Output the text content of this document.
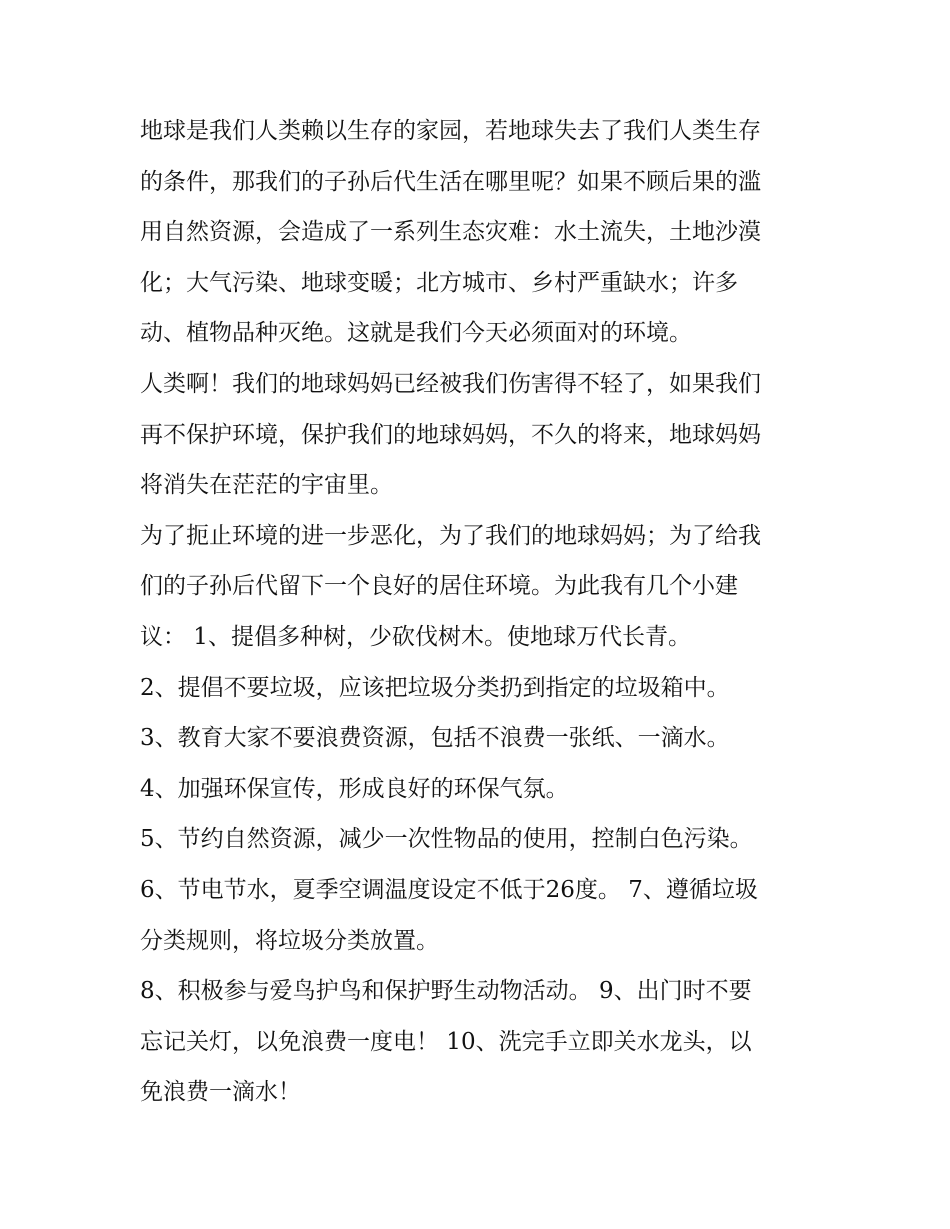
地球是我们人类赖以生存的家园，若地球失去了我们人类生存
的条件，那我们的子孙后代生活在哪里呢？如果不顾后果的滥
用自然资源，会造成了一系列生态灾难：水土流失，土地沙漠
化；大气污染、地球变暖；北方城市、乡村严重缺水；许多
动、植物品种灭绝。这就是我们今天必须面对的环境。

人类啊！我们的地球妈妈已经被我们伤害得不轻了，如果我们
再不保护环境，保护我们的地球妈妈，不久的将来，地球妈妈
将消失在茫茫的宇宙里。

为了扼止环境的进一步恶化，为了我们的地球妈妈；为了给我
们的子孙后代留下一个良好的居住环境。为此我有几个小建
议： 1、提倡多种树，少砍伐树木。使地球万代长青。

2、提倡不要垃圾，应该把垃圾分类扔到指定的垃圾箱中。

3、教育大家不要浪费资源，包括不浪费一张纸、一滴水。

4、加强环保宣传，形成良好的环保气氛。

5、节约自然资源，减少一次性物品的使用，控制白色污染。

6、节电节水，夏季空调温度设定不低于26度。 7、遵循垃圾
分类规则，将垃圾分类放置。

8、积极参与爱鸟护鸟和保护野生动物活动。 9、出门时不要
忘记关灯，以免浪费一度电！ 10、洗完手立即关水龙头，以
免浪费一滴水！
